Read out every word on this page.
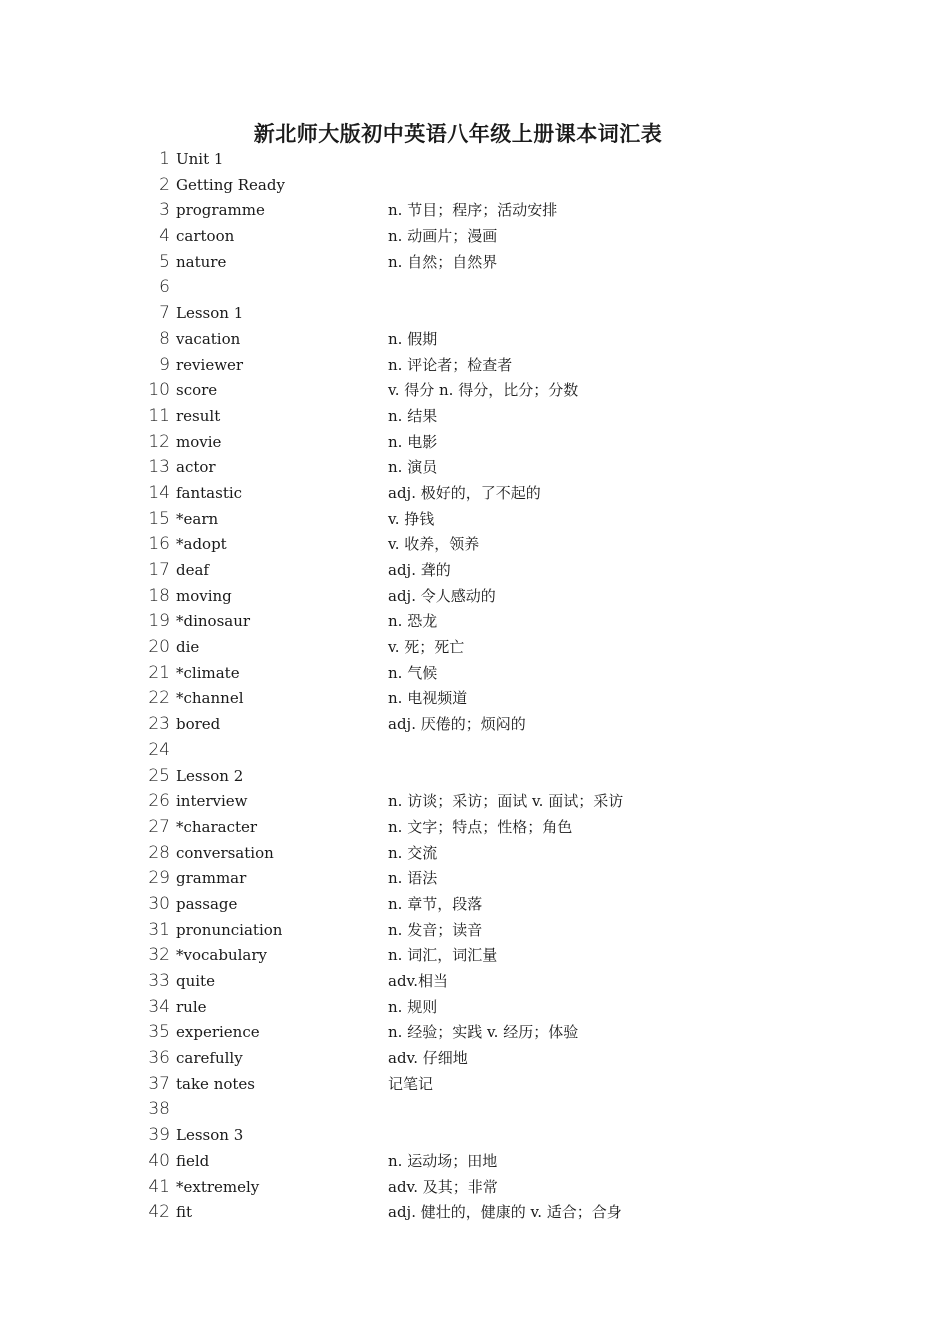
新北师大版初中英语八年级上册课本词汇表
1 Unit 1
2 Getting Ready
3 programme	n. 节目；程序；活动安排
4 cartoon	n. 动画片；漫画
5 nature	n. 自然；自然界
6
7 Lesson 1
8 vacation	n. 假期
9 reviewer	n. 评论者；检查者
10 score	v. 得分 n. 得分，比分；分数
11 result	n. 结果
12 movie	n. 电影
13 actor	n. 演员
14 fantastic	adj. 极好的，了不起的
15 *earn	v. 挣钱
16 *adopt	v. 收养，领养
17 deaf	adj. 聋的
18 moving	adj. 令人感动的
19 *dinosaur	n. 恐龙
20 die	v. 死；死亡
21 *climate	n. 气候
22 *channel	n. 电视频道
23 bored	adj. 厌倦的；烦闷的
24
25 Lesson 2
26 interview	n. 访谈；采访；面试 v. 面试；采访
27 *character	n. 文字；特点；性格；角色
28 conversation	n. 交流
29 grammar	n. 语法
30 passage	n. 章节，段落
31 pronunciation	n. 发音；读音
32 *vocabulary	n. 词汇，词汇量
33 quite	adv.相当
34 rule	n. 规则
35 experience	n. 经验；实践 v. 经历；体验
36 carefully	adv. 仔细地
37 take notes	记笔记
38
39 Lesson 3
40 field	n. 运动场；田地
41 *extremely	adv. 及其；非常
42 fit	adj. 健壮的，健康的 v. 适合；合身
